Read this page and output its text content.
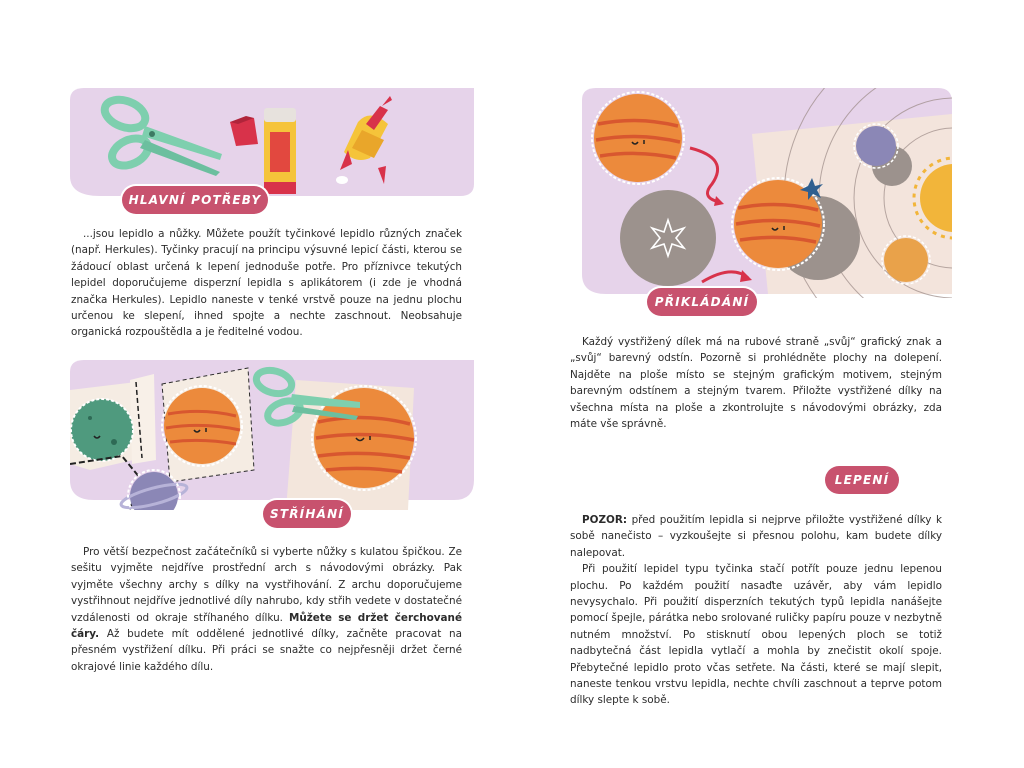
HLAVNÍ POTŘEBY

...jsou lepidlo a nůžky. Můžete použít tyčinkové lepidlo různých značek (např. Herkules). Tyčinky pracují na principu výsuvné lepicí části, kterou se žádoucí oblast určená k lepení jednoduše potře. Pro příznivce tekutých lepidel doporučujeme disperzní lepidla s aplikátorem (i zde je vhodná značka Herkules). Lepidlo naneste v tenké vrstvě pouze na jednu plochu určenou ke slepení, ihned spojte a nechte zaschnout. Neobsahuje organická rozpouštědla a je ředitelné vodou.

STŘÍHÁNÍ

Pro větší bezpečnost začátečníků si vyberte nůžky s kulatou špičkou. Ze sešitu vyjměte nejdříve prostřední arch s návodovými obrázky. Pak vyjměte všechny archy s dílky na vystřihování. Z archu doporučujeme vystřihnout nejdříve jednotlivé díly nahrubo, kdy střih vedete v dostatečné vzdálenosti od okraje stříhaného dílku. Můžete se držet čerchované čáry. Až budete mít oddělené jednotlivé dílky, začněte pracovat na přesném vystřižení dílku. Při práci se snažte co nejpřesněji držet černé okrajové linie každého dílu.

PŘIKLÁDÁNÍ

Každý vystřižený dílek má na rubové straně „svůj“ grafický znak a „svůj“ barevný odstín. Pozorně si prohlédněte plochy na dolepení. Najděte na ploše místo se stejným grafickým motivem, stejným barevným odstínem a stejným tvarem. Přiložte vystřižené dílky na všechna místa na ploše a zkontrolujte s návodovými obrázky, zda máte vše správně.

LEPENÍ

POZOR: před použitím lepidla si nejprve přiložte vystřižené dílky k sobě nanečisto – vyzkoušejte si přesnou polohu, kam budete dílky nalepovat.

Při použití lepidel typu tyčinka stačí potřít pouze jednu lepenou plochu. Po každém použití nasaďte uzávěr, aby vám lepidlo nevysychalo. Při použití disperzních tekutých typů lepidla nanášejte pomocí špejle, párátka nebo srolované ruličky papíru pouze v nezbytně nutném množství. Po stisknutí obou lepených ploch se totiž nadbytečná část lepidla vytlačí a mohla by znečistit okolí spoje. Přebytečné lepidlo proto včas setřete. Na části, které se mají slepit, naneste tenkou vrstvu lepidla, nechte chvíli zaschnout a teprve potom dílky slepte k sobě.
